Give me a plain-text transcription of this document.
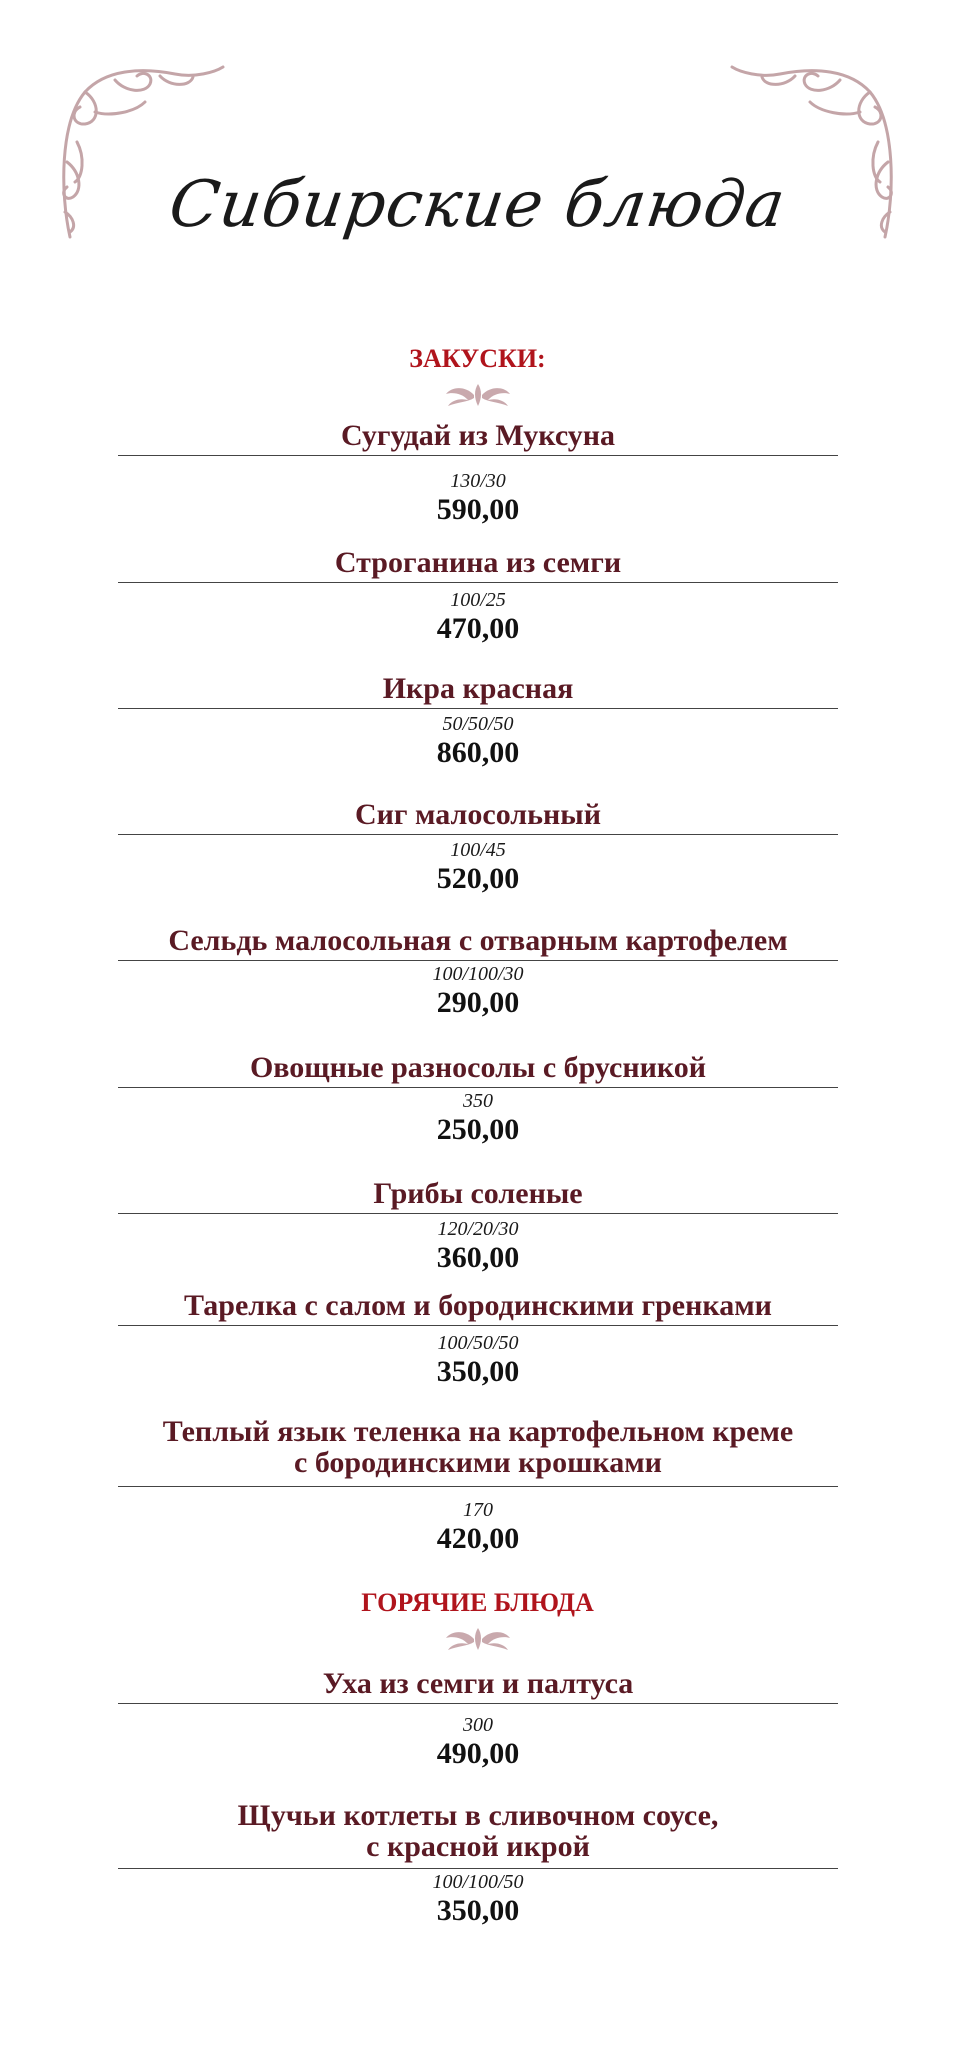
Сибирские блюда
ЗАКУСКИ:
Сугудай из Муксуна
130/30
590,00
Строганина из семги
100/25
470,00
Икра красная
50/50/50
860,00
Сиг малосольный
100/45
520,00
Сельдь малосольная с отварным картофелем
100/100/30
290,00
Овощные разносолы с брусникой
350
250,00
Грибы соленые
120/20/30
360,00
Тарелка с салом и бородинскими гренками
100/50/50
350,00
Теплый язык теленка на картофельном креме
с бородинскими крошками
170
420,00
ГОРЯЧИЕ БЛЮДА
Уха из семги и палтуса
300
490,00
Щучьи котлеты в сливочном соусе,
с красной икрой
100/100/50
350,00
